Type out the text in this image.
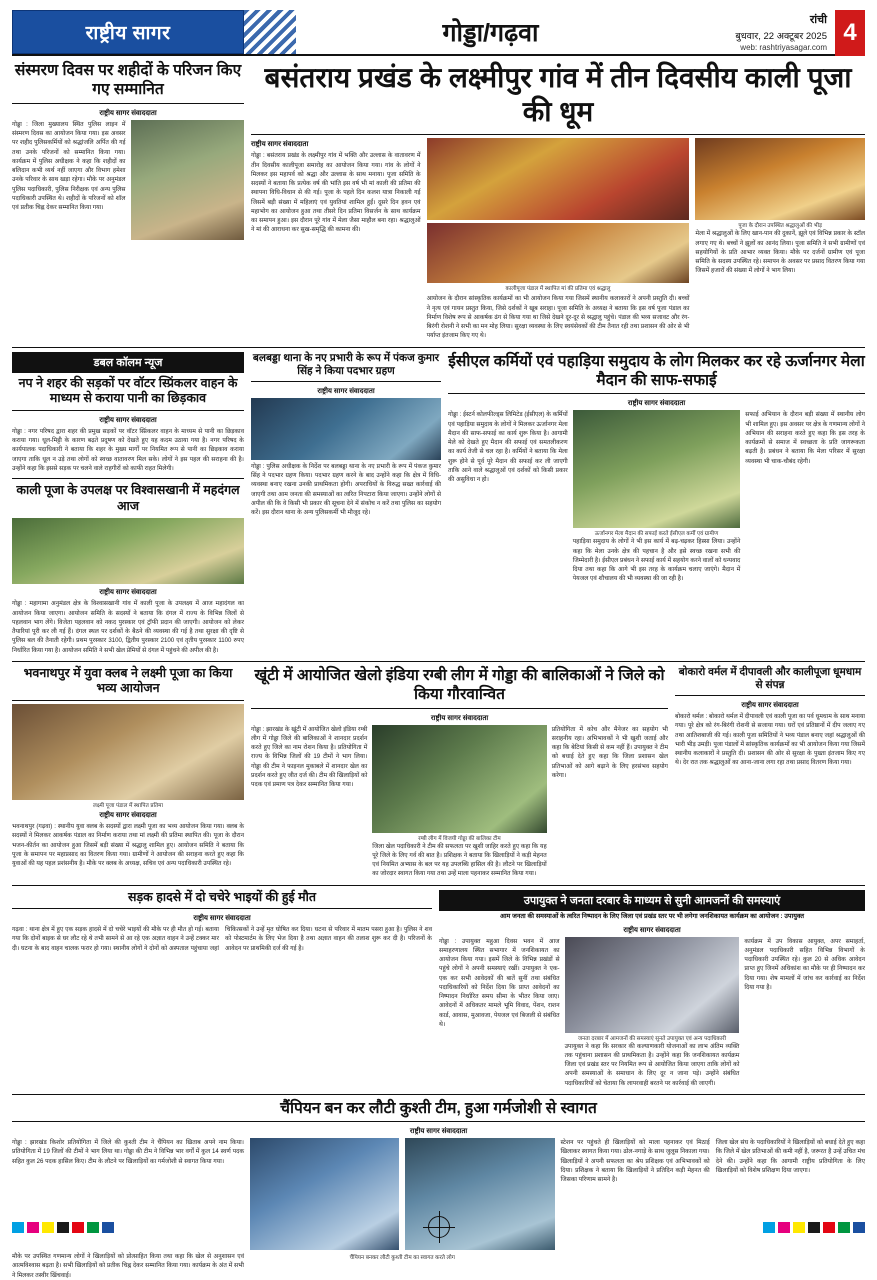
राष्ट्रीय सागर	गोड्डा/गढ़वा	रांची
बुधवार, 22 अक्टूबर 2025
web: rashtriyasagar.com
4
संस्मरण दिवस पर शहीदों के परिजन किए गए सम्मानित
राष्ट्रीय सागर संवाददाता
गोड्डा : जिला मुख्यालय स्थित पुलिस लाइन में संस्मरण दिवस का आयोजन किया गया। इस अवसर पर शहीद पुलिसकर्मियों को श्रद्धांजलि अर्पित की गई तथा उनके परिजनों को सम्मानित किया गया। कार्यक्रम में पुलिस अधीक्षक ने कहा कि शहीदों का बलिदान कभी व्यर्थ नहीं जाएगा और विभाग हमेशा उनके परिवार के साथ खड़ा रहेगा। मौके पर अनुमंडल पुलिस पदाधिकारी, पुलिस निरीक्षक एवं अन्य पुलिस पदाधिकारी उपस्थित थे। शहीदों के परिजनों को शॉल एवं प्रतीक चिह्न देकर सम्मानित किया गया।
बसंतराय प्रखंड के लक्ष्मीपुर गांव में तीन दिवसीय काली पूजा की धूम
राष्ट्रीय सागर संवाददाता
गोड्डा : बसंतराय प्रखंड के लक्ष्मीपुर गांव में भक्ति और उल्लास के वातावरण में तीन दिवसीय कालीपूजा समारोह का आयोजन किया गया। गांव के लोगों ने मिलकर इस महापर्व को श्रद्धा और उल्लास के साथ मनाया। पूजा समिति के सदस्यों ने बताया कि प्रत्येक वर्ष की भांति इस वर्ष भी मां काली की प्रतिमा की स्थापना विधि-विधान से की गई। पूजा के पहले दिन कलश यात्रा निकाली गई जिसमें बड़ी संख्या में महिलाएं एवं युवतियां शामिल हुईं। दूसरे दिन हवन एवं महाभोग का आयोजन हुआ तथा तीसरे दिन प्रतिमा विसर्जन के साथ कार्यक्रम का समापन हुआ। इस दौरान पूरे गांव में मेला जैसा माहौल बना रहा। श्रद्धालुओं ने मां की आराधना कर सुख-समृद्धि की कामना की।
कालीपूजा पंडाल में स्थापित मां की प्रतिमा एवं श्रद्धालु
आयोजन के दौरान सांस्कृतिक कार्यक्रमों का भी आयोजन किया गया जिसमें स्थानीय कलाकारों ने अपनी प्रस्तुति दी। बच्चों ने नृत्य एवं गायन प्रस्तुत किया, जिसे दर्शकों ने खूब सराहा। पूजा समिति के अध्यक्ष ने बताया कि इस वर्ष पूजा पंडाल का निर्माण विशेष रूप से आकर्षक ढंग से किया गया था जिसे देखने दूर-दूर से श्रद्धालु पहुंचे। पंडाल की भव्य सजावट और रंग-बिरंगी रोशनी ने सभी का मन मोह लिया। सुरक्षा व्यवस्था के लिए स्वयंसेवकों की टीम तैनात रही तथा प्रशासन की ओर से भी पर्याप्त इंतजाम किए गए थे।
पूजा के दौरान उपस्थित श्रद्धालुओं की भीड़
मेला में श्रद्धालुओं के लिए खान-पान की दुकानें, झूले एवं विभिन्न प्रकार के स्टॉल लगाए गए थे। बच्चों ने झूलों का आनंद लिया। पूजा समिति ने सभी ग्रामीणों एवं सहयोगियों के प्रति आभार व्यक्त किया। मौके पर दर्जनों ग्रामीण एवं पूजा समिति के सदस्य उपस्थित रहे। समापन के अवसर पर प्रसाद वितरण किया गया जिसमें हजारों की संख्या में लोगों ने भाग लिया।
डबल कॉलम न्यूज
नप ने शहर की सड़कों पर वॉटर स्प्रिंकलर वाहन के माध्यम से कराया पानी का छिड़काव
राष्ट्रीय सागर संवाददाता
गोड्डा : नगर परिषद द्वारा शहर की प्रमुख सड़कों पर वॉटर स्प्रिंकलर वाहन के माध्यम से पानी का छिड़काव कराया गया। धूल-मिट्टी के कारण बढ़ते प्रदूषण को देखते हुए यह कदम उठाया गया है। नगर परिषद के कार्यपालक पदाधिकारी ने बताया कि शहर के मुख्य मार्गों पर नियमित रूप से पानी का छिड़काव कराया जाएगा ताकि धूल न उड़े तथा लोगों को स्वच्छ वातावरण मिल सके। लोगों ने इस पहल की सराहना की है। उन्होंने कहा कि इससे सड़क पर चलने वाले राहगीरों को काफी राहत मिलेगी।
काली पूजा के उपलक्ष पर विश्वासखानी में महदंगल आज
राष्ट्रीय सागर संवाददाता
गोड्डा : महागामा अनुमंडल क्षेत्र के विश्वासखानी गांव में काली पूजा के उपलक्ष्य में आज महादंगल का आयोजन किया जाएगा। आयोजन समिति के सदस्यों ने बताया कि दंगल में राज्य के विभिन्न जिलों से पहलवान भाग लेंगे। विजेता पहलवान को नकद पुरस्कार एवं ट्रॉफी प्रदान की जाएगी। आयोजन को लेकर तैयारियां पूरी कर ली गई हैं। दंगल स्थल पर दर्शकों के बैठने की व्यवस्था की गई है तथा सुरक्षा की दृष्टि से पुलिस बल की तैनाती रहेगी। प्रथम पुरस्कार 3100, द्वितीय पुरस्कार 2100 एवं तृतीय पुरस्कार 1100 रुपए निर्धारित किया गया है। आयोजन समिति ने सभी खेल प्रेमियों से दंगल में पहुंचने की अपील की है।
बलबड्डा थाना के नए प्रभारी के रूप में पंकज कुमार सिंह ने किया पदभार ग्रहण
राष्ट्रीय सागर संवाददाता
गोड्डा : पुलिस अधीक्षक के निर्देश पर बलबड्डा थाना के नए प्रभारी के रूप में पंकज कुमार सिंह ने पदभार ग्रहण किया। पदभार ग्रहण करने के बाद उन्होंने कहा कि क्षेत्र में विधि-व्यवस्था बनाए रखना उनकी प्राथमिकता होगी। अपराधियों के विरुद्ध सख्त कार्रवाई की जाएगी तथा आम जनता की समस्याओं का त्वरित निपटारा किया जाएगा। उन्होंने लोगों से अपील की कि वे किसी भी प्रकार की सूचना देने में संकोच न करें तथा पुलिस का सहयोग करें। इस दौरान थाना के अन्य पुलिसकर्मी भी मौजूद रहे।
ईसीएल कर्मियों एवं पहाड़िया समुदाय के लोग मिलकर कर रहे ऊर्जानगर मेला मैदान की साफ-सफाई
राष्ट्रीय सागर संवाददाता
गोड्डा : ईस्टर्न कोलफील्ड्स लिमिटेड (ईसीएल) के कर्मियों एवं पहाड़िया समुदाय के लोगों ने मिलकर ऊर्जानगर मेला मैदान की साफ-सफाई का कार्य शुरू किया है। आगामी मेले को देखते हुए मैदान की सफाई एवं समतलीकरण का कार्य तेजी से चल रहा है। कर्मियों ने बताया कि मेला शुरू होने से पूर्व पूरे मैदान की सफाई कर ली जाएगी ताकि आने वाले श्रद्धालुओं एवं दर्शकों को किसी प्रकार की असुविधा न हो।
ऊर्जानगर मेला मैदान की सफाई करते ईसीएल कर्मी एवं ग्रामीण
पहाड़िया समुदाय के लोगों ने भी इस कार्य में बढ़-चढ़कर हिस्सा लिया। उन्होंने कहा कि मेला उनके क्षेत्र की पहचान है और इसे स्वच्छ रखना सभी की जिम्मेदारी है। ईसीएल प्रबंधन ने सफाई कार्य में सहयोग करने वालों को धन्यवाद दिया तथा कहा कि आगे भी इस तरह के कार्यक्रम चलाए जाएंगे। मैदान में पेयजल एवं शौचालय की भी व्यवस्था की जा रही है।
सफाई अभियान के दौरान बड़ी संख्या में स्थानीय लोग भी शामिल हुए। इस अवसर पर क्षेत्र के गणमान्य लोगों ने अभियान की सराहना करते हुए कहा कि इस तरह के कार्यक्रमों से समाज में स्वच्छता के प्रति जागरूकता बढ़ती है। प्रबंधन ने बताया कि मेला परिसर में सुरक्षा व्यवस्था भी चाक-चौबंद रहेगी।
भवनाथपुर में युवा क्लब ने लक्ष्मी पूजा का किया भव्य आयोजन
लक्ष्मी पूजा पंडाल में स्थापित प्रतिमा
राष्ट्रीय सागर संवाददाता
भवनाथपुर (गढ़वा) : स्थानीय युवा क्लब के सदस्यों द्वारा लक्ष्मी पूजा का भव्य आयोजन किया गया। क्लब के सदस्यों ने मिलकर आकर्षक पंडाल का निर्माण कराया तथा मां लक्ष्मी की प्रतिमा स्थापित की। पूजा के दौरान भजन-कीर्तन का आयोजन हुआ जिसमें बड़ी संख्या में श्रद्धालु शामिल हुए। आयोजन समिति ने बताया कि पूजा के समापन पर महाप्रसाद का वितरण किया गया। ग्रामीणों ने आयोजन की सराहना करते हुए कहा कि युवाओं की यह पहल प्रशंसनीय है। मौके पर क्लब के अध्यक्ष, सचिव एवं अन्य पदाधिकारी उपस्थित रहे।
खूंटी में आयोजित खेलो इंडिया रग्बी लीग में गोड्डा की बालिकाओं ने जिले को किया गौरवान्वित
राष्ट्रीय सागर संवाददाता
गोड्डा : झारखंड के खूंटी में आयोजित खेलो इंडिया रग्बी लीग में गोड्डा जिले की बालिकाओं ने शानदार प्रदर्शन करते हुए जिले का नाम रोशन किया है। प्रतियोगिता में राज्य के विभिन्न जिलों की 19 टीमों ने भाग लिया। गोड्डा की टीम ने फाइनल मुकाबले में शानदार खेल का प्रदर्शन करते हुए जीत दर्ज की। टीम की खिलाड़ियों को पदक एवं प्रमाण पत्र देकर सम्मानित किया गया।
रग्बी लीग में विजयी गोड्डा की बालिका टीम
जिला खेल पदाधिकारी ने टीम की सफलता पर खुशी जाहिर करते हुए कहा कि यह पूरे जिले के लिए गर्व की बात है। प्रशिक्षक ने बताया कि खिलाड़ियों ने कड़ी मेहनत एवं नियमित अभ्यास के बल पर यह उपलब्धि हासिल की है। लौटने पर खिलाड़ियों का जोरदार स्वागत किया गया तथा उन्हें माला पहनाकर सम्मानित किया गया।
प्रतियोगिता में कोच और मैनेजर का सहयोग भी सराहनीय रहा। अभिभावकों ने भी खुशी जताई और कहा कि बेटियां किसी से कम नहीं हैं। उपायुक्त ने टीम को बधाई देते हुए कहा कि जिला प्रशासन खेल प्रतिभाओं को आगे बढ़ाने के लिए हरसंभव सहयोग करेगा।
बोकारो वर्मल में दीपावली और कालीपूजा धूमधाम से संपन्न
राष्ट्रीय सागर संवाददाता
बोकारो थर्मल : बोकारो थर्मल में दीपावली एवं काली पूजा का पर्व धूमधाम के साथ मनाया गया। पूरे क्षेत्र को रंग-बिरंगी रोशनी से सजाया गया। घरों एवं प्रतिष्ठानों में दीप जलाए गए तथा आतिशबाजी की गई। काली पूजा समितियों ने भव्य पंडाल बनाए जहां श्रद्धालुओं की भारी भीड़ उमड़ी। पूजा पंडालों में सांस्कृतिक कार्यक्रमों का भी आयोजन किया गया जिसमें स्थानीय कलाकारों ने प्रस्तुति दी। प्रशासन की ओर से सुरक्षा के पुख्ता इंतजाम किए गए थे। देर रात तक श्रद्धालुओं का आना-जाना लगा रहा तथा प्रसाद वितरण किया गया।
सड़क हादसे में दो चचेरे भाइयों की हुई मौत
राष्ट्रीय सागर संवाददाता
गढ़वा : थाना क्षेत्र में हुए एक सड़क हादसे में दो चचेरे भाइयों की मौके पर ही मौत हो गई। बताया गया कि दोनों बाइक से घर लौट रहे थे तभी सामने से आ रहे एक अज्ञात वाहन ने उन्हें टक्कर मार दी। घटना के बाद वाहन चालक फरार हो गया। स्थानीय लोगों ने दोनों को अस्पताल पहुंचाया जहां चिकित्सकों ने उन्हें मृत घोषित कर दिया। घटना से परिवार में मातम पसरा हुआ है। पुलिस ने शव को पोस्टमार्टम के लिए भेज दिया है तथा अज्ञात वाहन की तलाश शुरू कर दी है। परिजनों के आवेदन पर प्राथमिकी दर्ज की गई है।
उपायुक्त ने जनता दरबार के माध्यम से सुनी आमजनों की समस्याएं
आम जनता की समस्याओं के त्वरित निष्पादन के लिए जिला एवं प्रखंड स्तर पर भी लगेगा जनशिकायत कार्यक्रम का आयोजन : उपायुक्त
राष्ट्रीय सागर संवाददाता
गोड्डा : उपायुक्त महुआ दिवस भवन में आज समाहरणालय स्थित सभागार में जनशिकायत का आयोजन किया गया। इसमें जिले के विभिन्न प्रखंडों से पहुंचे लोगों ने अपनी समस्याएं रखीं। उपायुक्त ने एक-एक कर सभी आवेदकों की बातें सुनीं तथा संबंधित पदाधिकारियों को निर्देश दिया कि प्राप्त आवेदनों का निष्पादन निर्धारित समय सीमा के भीतर किया जाए। आवेदनों में अधिकतर मामले भूमि विवाद, पेंशन, राशन कार्ड, आवास, मुआवजा, पेयजल एवं बिजली से संबंधित थे।
जनता दरबार में आमजनों की समस्याएं सुनते उपायुक्त एवं अन्य पदाधिकारी
उपायुक्त ने कहा कि सरकार की कल्याणकारी योजनाओं का लाभ अंतिम व्यक्ति तक पहुंचाना प्रशासन की प्राथमिकता है। उन्होंने कहा कि जनशिकायत कार्यक्रम जिला एवं प्रखंड स्तर पर नियमित रूप से आयोजित किया जाएगा ताकि लोगों को अपनी समस्याओं के समाधान के लिए दूर न जाना पड़े। उन्होंने संबंधित पदाधिकारियों को चेताया कि लापरवाही बरतने पर कार्रवाई की जाएगी।
कार्यक्रम में उप विकास आयुक्त, अपर समाहर्ता, अनुमंडल पदाधिकारी सहित विभिन्न विभागों के पदाधिकारी उपस्थित रहे। कुल 20 से अधिक आवेदन प्राप्त हुए जिनमें अधिकांश का मौके पर ही निष्पादन कर दिया गया। शेष मामलों में जांच कर कार्रवाई का निर्देश दिया गया है।
चैंपियन बन कर लौटी कुश्ती टीम, हुआ गर्मजोशी से स्वागत
राष्ट्रीय सागर संवाददाता
गोड्डा : झारखंड किशोर प्रतियोगिता में जिले की कुश्ती टीम ने चैंपियन का खिताब अपने नाम किया। प्रतियोगिता में 19 जिलों की टीमों ने भाग लिया था। गोड्डा की टीम ने विभिन्न भार वर्गों में कुल 14 स्वर्ण पदक सहित कुल 26 पदक हासिल किए। टीम के लौटने पर खिलाड़ियों का गर्मजोशी से स्वागत किया गया।
स्टेशन पर पहुंचते ही खिलाड़ियों को माला पहनाकर एवं मिठाई खिलाकर स्वागत किया गया। ढोल-नगाड़े के साथ जुलूस निकाला गया। खिलाड़ियों ने अपनी सफलता का श्रेय प्रशिक्षक एवं अभिभावकों को दिया। प्रशिक्षक ने बताया कि खिलाड़ियों ने प्रतिदिन कड़ी मेहनत की जिसका परिणाम सामने है।
जिला खेल संघ के पदाधिकारियों ने खिलाड़ियों को बधाई देते हुए कहा कि जिले में खेल प्रतिभाओं की कमी नहीं है, जरूरत है उन्हें उचित मंच देने की। उन्होंने कहा कि आगामी राष्ट्रीय प्रतियोगिता के लिए खिलाड़ियों को विशेष प्रशिक्षण दिया जाएगा।
मौके पर उपस्थित गणमान्य लोगों ने खिलाड़ियों को प्रोत्साहित किया तथा कहा कि खेल से अनुशासन एवं आत्मविश्वास बढ़ता है। सभी खिलाड़ियों को प्रतीक चिह्न देकर सम्मानित किया गया। कार्यक्रम के अंत में सभी ने मिलकर तस्वीर खिंचवाई।
चैंपियन बनकर लौटी कुश्ती टीम का स्वागत करते लोग
